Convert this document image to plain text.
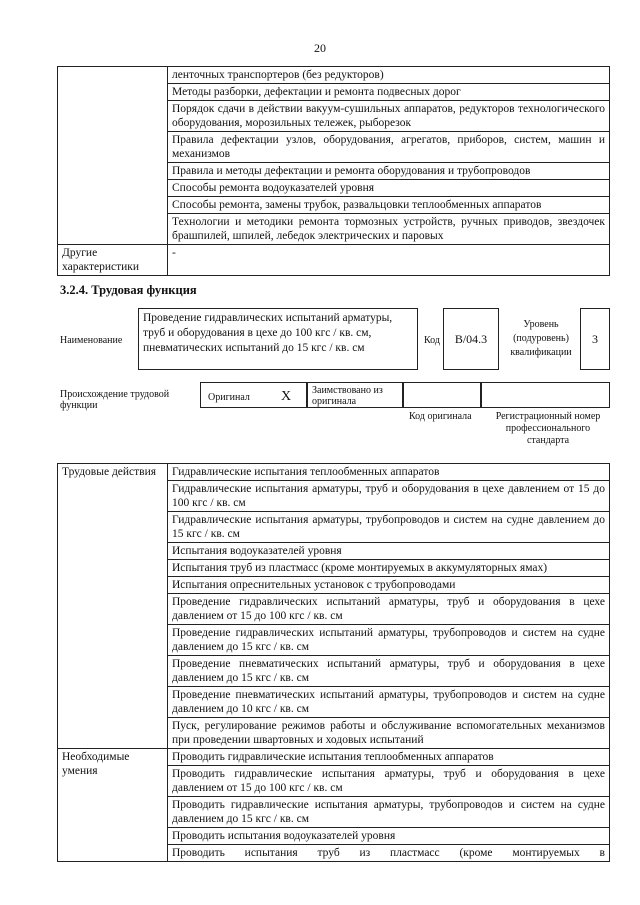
20
	ленточных транспортеров (без редукторов)
	Методы разборки, дефектации и ремонта подвесных дорог
	Порядок сдачи в действии вакуум-сушильных аппаратов, редукторов технологического оборудования, морозильных тележек, рыборезок
	Правила дефектации узлов, оборудования, агрегатов, приборов, систем, машин и механизмов
	Правила и методы дефектации и ремонта оборудования и трубопроводов
	Способы ремонта водоуказателей уровня
	Способы ремонта, замены трубок, развальцовки теплообменных аппаратов
	Технологии и методики ремонта тормозных устройств, ручных приводов, звездочек брашпилей, шпилей, лебедок электрических и паровых
Другие характеристики	-
3.2.4. Трудовая функция
Наименование
Проведение гидравлических испытаний арматуры, труб и оборудования в цехе до 100 кгс / кв. см, пневматических испытаний до 15 кгс / кв. см
Код	B/04.3
Уровень (подуровень) квалификации
3
Происхождение трудовой функции
Оригинал X	Заимствовано из оригинала
Код оригинала	Регистрационный номер профессионального стандарта
Трудовые действия	Гидравлические испытания теплообменных аппаратов
	Гидравлические испытания арматуры, труб и оборудования в цехе давлением от 15 до 100 кгс / кв. см
	Гидравлические испытания арматуры, трубопроводов и систем на судне давлением до 15 кгс / кв. см
	Испытания водоуказателей уровня
	Испытания труб из пластмасс (кроме монтируемых в аккумуляторных ямах)
	Испытания опреснительных установок с трубопроводами
	Проведение гидравлических испытаний арматуры, труб и оборудования в цехе давлением от 15 до 100 кгс / кв. см
	Проведение гидравлических испытаний арматуры, трубопроводов и систем на судне давлением до 15 кгс / кв. см
	Проведение пневматических испытаний арматуры, труб и оборудования в цехе давлением до 15 кгс / кв. см
	Проведение пневматических испытаний арматуры, трубопроводов и систем на судне давлением до 10 кгс / кв. см
	Пуск, регулирование режимов работы и обслуживание вспомогательных механизмов при проведении швартовных и ходовых испытаний
Необходимые умения	Проводить гидравлические испытания теплообменных аппаратов
	Проводить гидравлические испытания арматуры, труб и оборудования в цехе давлением от 15 до 100 кгс / кв. см
	Проводить гидравлические испытания арматуры, трубопроводов и систем на судне давлением до 15 кгс / кв. см
	Проводить испытания водоуказателей уровня
	Проводить испытания труб из пластмасс (кроме монтируемых в
